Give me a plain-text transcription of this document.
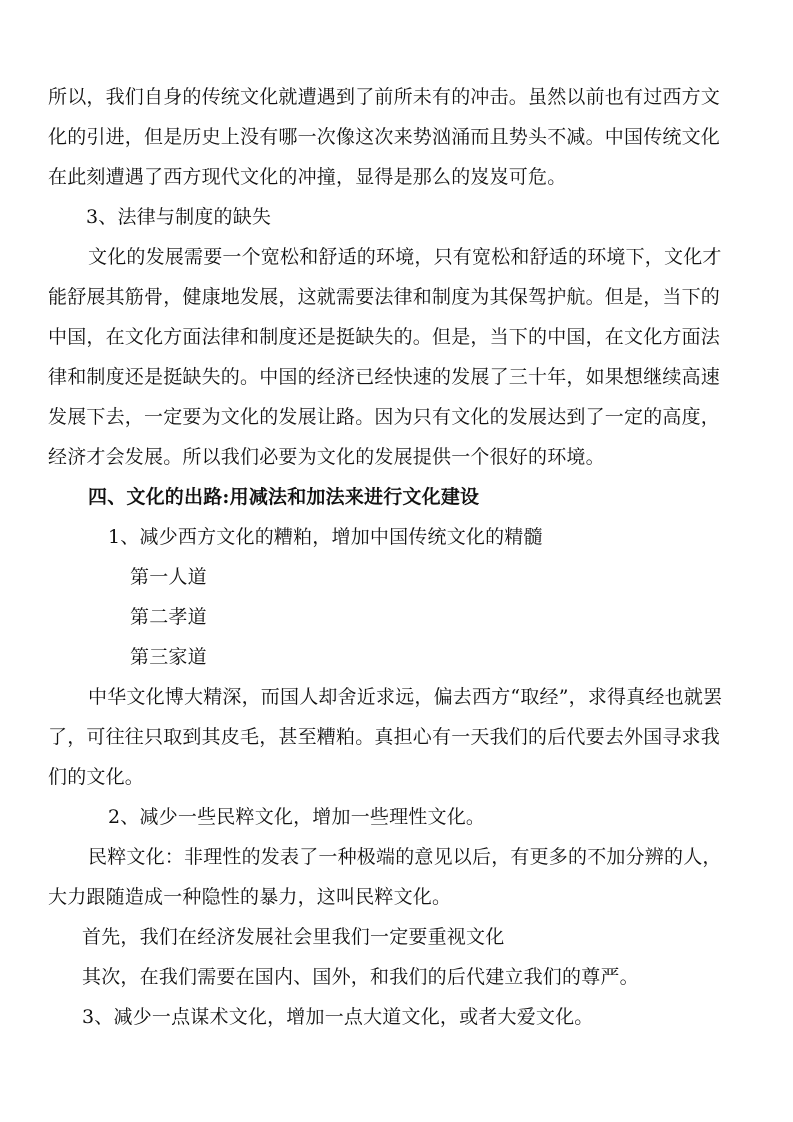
所以，我们自身的传统文化就遭遇到了前所未有的冲击。虽然以前也有过西方文
化的引进，但是历史上没有哪一次像这次来势汹涌而且势头不减。中国传统文化
在此刻遭遇了西方现代文化的冲撞，显得是那么的岌岌可危。
3、法律与制度的缺失
文化的发展需要一个宽松和舒适的环境，只有宽松和舒适的环境下，文化才
能舒展其筋骨，健康地发展，这就需要法律和制度为其保驾护航。但是，当下的
中国，在文化方面法律和制度还是挺缺失的。但是，当下的中国，在文化方面法
律和制度还是挺缺失的。中国的经济已经快速的发展了三十年，如果想继续高速
发展下去，一定要为文化的发展让路。因为只有文化的发展达到了一定的高度，
经济才会发展。所以我们必要为文化的发展提供一个很好的环境。
四、文化的出路:用减法和加法来进行文化建设
1、减少西方文化的糟粕，增加中国传统文化的精髓
第一人道
第二孝道
第三家道
中华文化博大精深，而国人却舍近求远，偏去西方“取经”，求得真经也就罢
了，可往往只取到其皮毛，甚至糟粕。真担心有一天我们的后代要去外国寻求我
们的文化。
2、减少一些民粹文化，增加一些理性文化。
民粹文化：非理性的发表了一种极端的意见以后，有更多的不加分辨的人，
大力跟随造成一种隐性的暴力，这叫民粹文化。
首先，我们在经济发展社会里我们一定要重视文化
其次，在我们需要在国内、国外，和我们的后代建立我们的尊严。
3、减少一点谋术文化，增加一点大道文化，或者大爱文化。
